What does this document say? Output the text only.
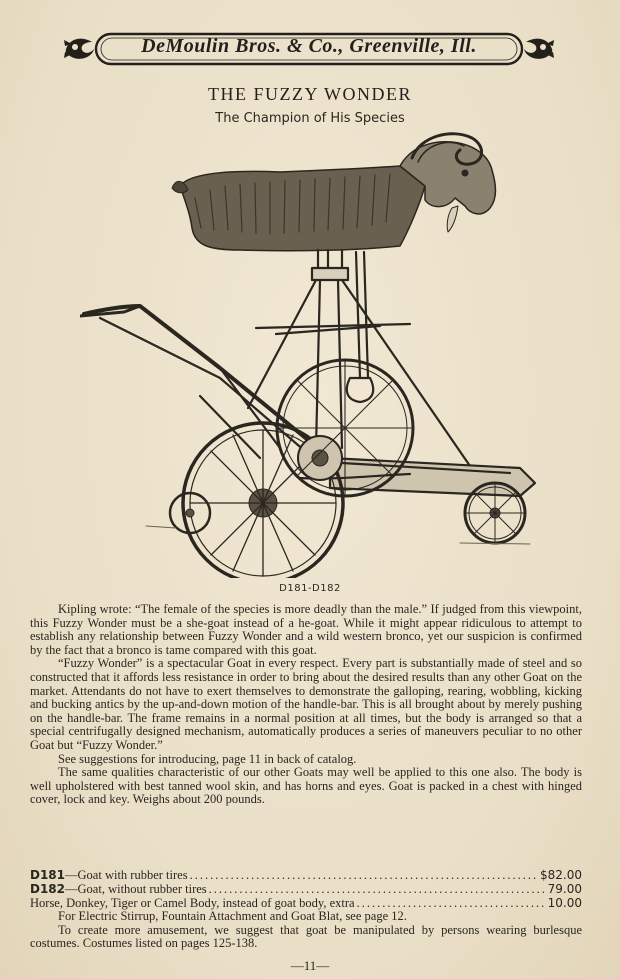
DeMoulin Bros. & Co., Greenville, Ill.
THE FUZZY WONDER
The Champion of His Species
D181-D182

Kipling wrote: “The female of the species is more deadly than the male.” If judged from this viewpoint, this Fuzzy Wonder must be a she-goat instead of a he-goat. While it might appear ridiculous to attempt to establish any relationship between Fuzzy Wonder and a wild western bronco, yet our suspicion is confirmed by the fact that a bronco is tame compared with this goat.

“Fuzzy Wonder” is a spectacular Goat in every respect. Every part is substantially made of steel and so constructed that it affords less resistance in order to bring about the desired results than any other Goat on the market. Attendants do not have to exert themselves to demonstrate the galloping, rearing, wobbling, kicking and bucking antics by the up-and-down motion of the handle-bar. This is all brought about by merely pushing on the handle-bar. The frame remains in a normal position at all times, but the body is arranged so that a special centrifugally designed mechanism, automatically produces a series of maneuvers peculiar to no other Goat but “Fuzzy Wonder.”

See suggestions for introducing, page 11 in back of catalog.

The same qualities characteristic of our other Goats may well be applied to this one also. The body is well upholstered with best tanned wool skin, and has horns and eyes. Goat is packed in a chest with hinged cover, lock and key. Weighs about 200 pounds.

D181 —Goat with rubber tires .....	$82.00
D182 —Goat, without rubber tires .....	79.00
Horse, Donkey, Tiger or Camel Body, instead of goat body, extra .....	10.00

For Electric Stirrup, Fountain Attachment and Goat Blat, see page 12.

To create more amusement, we suggest that goat be manipulated by persons wearing burlesque costumes. Costumes listed on pages 125-138.

—11—
